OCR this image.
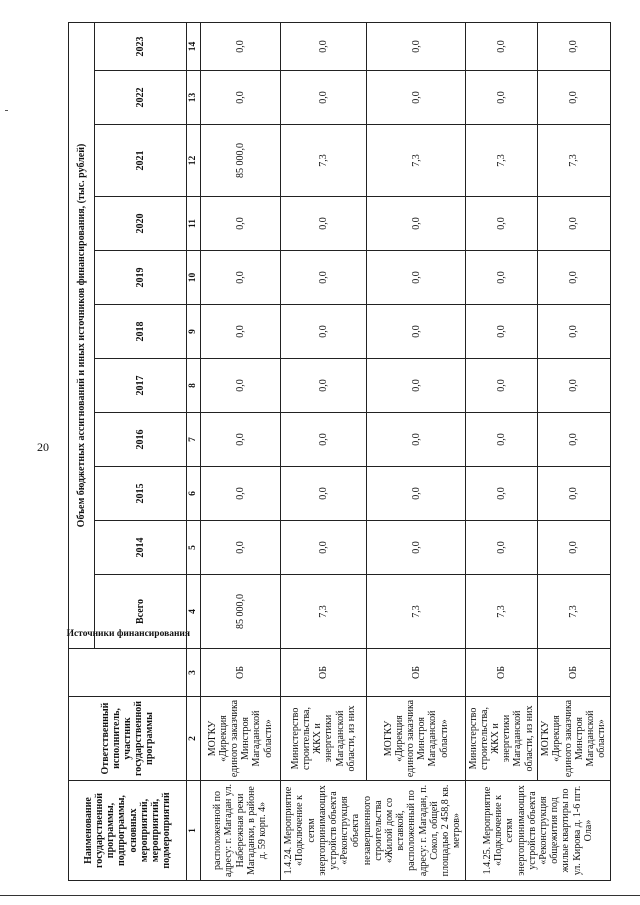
20
Наименование государственной программы, подпрограммы, основных мероприятий, мероприятий, подмероприятий	Ответственный исполнитель, участник государственной программы	Источники финансирования	Объем бюджетных ассигнований и иных источников финансирования, (тыс. рублей)										
			Всего	2014	2015	2016	2017	2018	2019	2020	2021	2022	2023
1	2	3	4	5	6	7	8	9	10	11	12	13	14
расположенной по адресу: г. Магадан ул. Набережная реки Магаданки, в районе д. 59 корп. 4»	МОГКУ «Дирекция единого заказчика Минстроя Магаданской области»	ОБ	85 000,0	0,0	0,0	0,0	0,0	0,0	0,0	0,0	85 000,0	0,0	0,0
1.4.24. Мероприятие «Подключение к сетям энергопринимающих устройств объекта «Реконструкция объекта незавершенного строительства «Жилой дом со вставкой, расположенный по адресу: г. Магадан, п. Сокол, общей площадью 2 458,8 кв. метров»	Министерство строительства, ЖКХ и энергетики Магаданской области, из них	ОБ	7,3	0,0	0,0	0,0	0,0	0,0	0,0	0,0	7,3	0,0	0,0
	МОГКУ «Дирекция единого заказчика Минстроя Магаданской области»	ОБ	7,3	0,0	0,0	0,0	0,0	0,0	0,0	0,0	7,3	0,0	0,0
1.4.25. Мероприятие «Подключение к сетям энергопринимающих устройств объекта «Реконструкция общежития под жилые квартиры по ул. Кирова д. 1-6 пгт. Ола»	Министерство строительства, ЖКХ и энергетики Магаданской области, из них	ОБ	7,3	0,0	0,0	0,0	0,0	0,0	0,0	0,0	7,3	0,0	0,0
	МОГКУ «Дирекция единого заказчика Минстроя Магаданской области»	ОБ	7,3	0,0	0,0	0,0	0,0	0,0	0,0	0,0	7,3	0,0	0,0
